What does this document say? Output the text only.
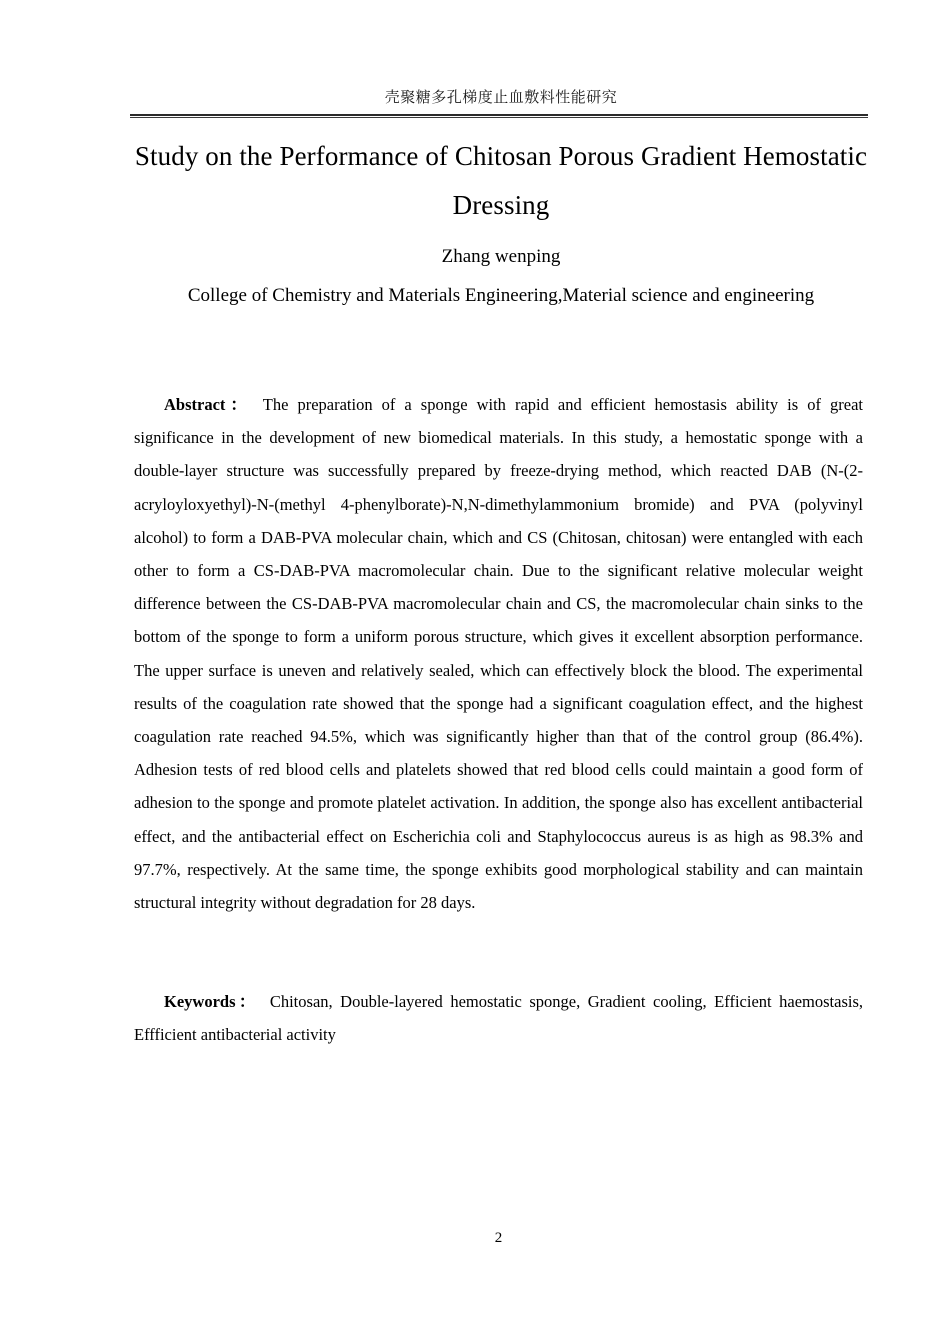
壳聚糖多孔梯度止血敷料性能研究
Study on the Performance of Chitosan Porous Gradient Hemostatic Dressing

Zhang wenping

College of Chemistry and Materials Engineering,Material science and engineering

Abstract： The preparation of a sponge with rapid and efficient hemostasis ability is of great significance in the development of new biomedical materials. In this study, a hemostatic sponge with a double-layer structure was successfully prepared by freeze-drying method, which reacted DAB (N-(2-acryloyloxyethyl)-N-(methyl 4-phenylborate)-N,N-dimethylammonium bromide) and PVA (polyvinyl alcohol) to form a DAB-PVA molecular chain, which and CS (Chitosan, chitosan) were entangled with each other to form a CS-DAB-PVA macromolecular chain. Due to the significant relative molecular weight difference between the CS-DAB-PVA macromolecular chain and CS, the macromolecular chain sinks to the bottom of the sponge to form a uniform porous structure, which gives it excellent absorption performance. The upper surface is uneven and relatively sealed, which can effectively block the blood. The experimental results of the coagulation rate showed that the sponge had a significant coagulation effect, and the highest coagulation rate reached 94.5%, which was significantly higher than that of the control group (86.4%). Adhesion tests of red blood cells and platelets showed that red blood cells could maintain a good form of adhesion to the sponge and promote platelet activation. In addition, the sponge also has excellent antibacterial effect, and the antibacterial effect on Escherichia coli and Staphylococcus aureus is as high as 98.3% and 97.7%, respectively. At the same time, the sponge exhibits good morphological stability and can maintain structural integrity without degradation for 28 days.

Keywords： Chitosan, Double-layered hemostatic sponge, Gradient cooling, Efficient haemostasis, Effficient antibacterial activity

2
